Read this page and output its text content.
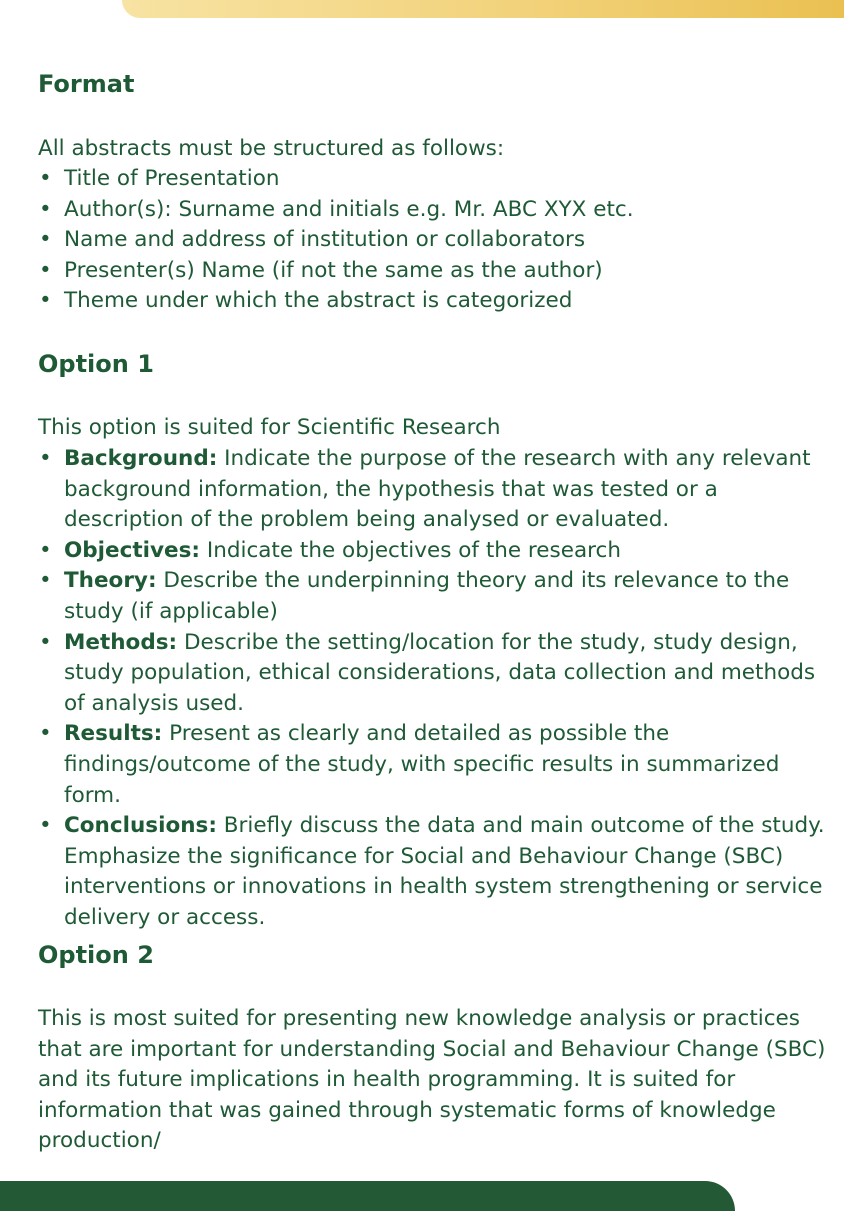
Format

All abstracts must be structured as follows:

• Title of Presentation
• Author(s): Surname and initials e.g. Mr. ABC XYX etc.
• Name and address of institution or collaborators
• Presenter(s) Name (if not the same as the author)
• Theme under which the abstract is categorized
Option 1

This option is suited for Scientific Research

• Background: Indicate the purpose of the research with any relevant background information, the hypothesis that was tested or a description of the problem being analysed or evaluated.
• Objectives: Indicate the objectives of the research
• Theory: Describe the underpinning theory and its relevance to the study (if applicable)
• Methods: Describe the setting/location for the study, study design, study population, ethical considerations, data collection and methods of analysis used.
• Results: Present as clearly and detailed as possible the findings/outcome of the study, with specific results in summarized form.
• Conclusions: Briefly discuss the data and main outcome of the study. Emphasize the significance for Social and Behaviour Change (SBC) interventions or innovations in health system strengthening or service delivery or access.
Option 2

This is most suited for presenting new knowledge analysis or practices that are important for understanding Social and Behaviour Change (SBC) and its future implications in health programming. It is suited for information that was gained through systematic forms of knowledge production/
